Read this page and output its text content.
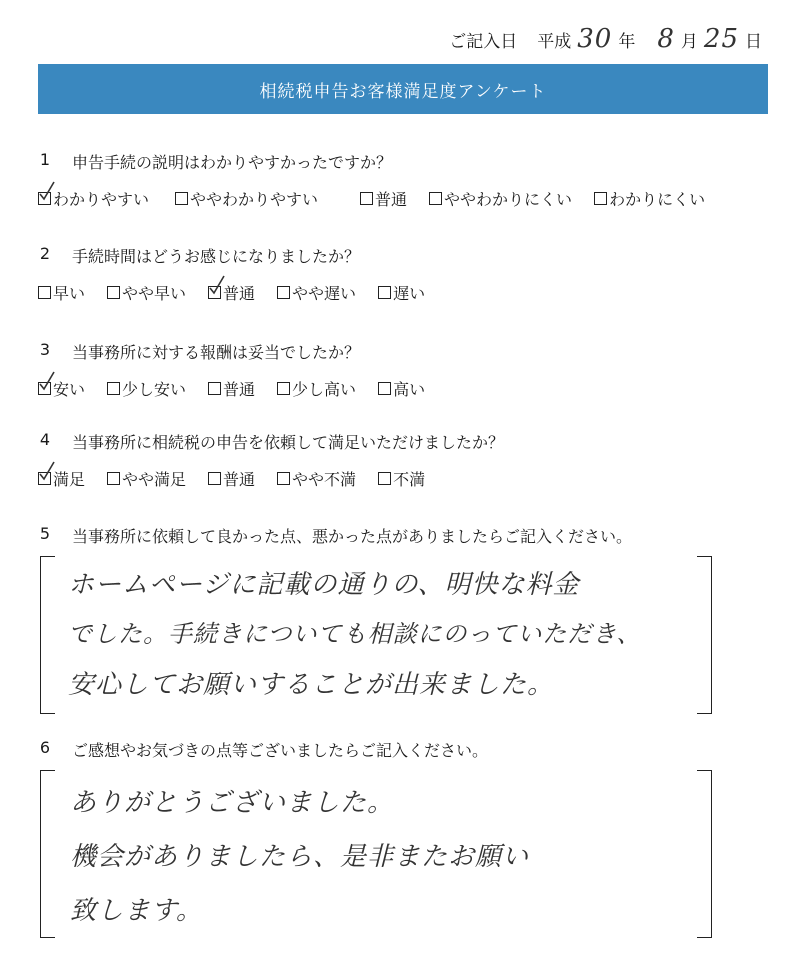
ご記入日 平成 30 年 8 月 25 日
相続税申告お客様満足度アンケート
1 申告手続の説明はわかりやすかったですか？
わかりやすい	ややわかりやすい	普通 ややわかりにくい わかりにくい
2 手続時間はどうお感じになりましたか？
早い やや早い 普通 やや遅い 遅い
3 当事務所に対する報酬は妥当でしたか？
安い 少し安い 普通 少し高い 高い
4 当事務所に相続税の申告を依頼して満足いただけましたか？
満足 やや満足 普通 やや不満 不満
5 当事務所に依頼して良かった点、悪かった点がありましたらご記入ください。
ホームページに記載の通りの、明快な料金
でした。手続きについても相談にのっていただき、
安心してお願いすることが出来ました。
6 ご感想やお気づきの点等ございましたらご記入ください。
ありがとうございました。
機会がありましたら、是非またお願い
致します。
